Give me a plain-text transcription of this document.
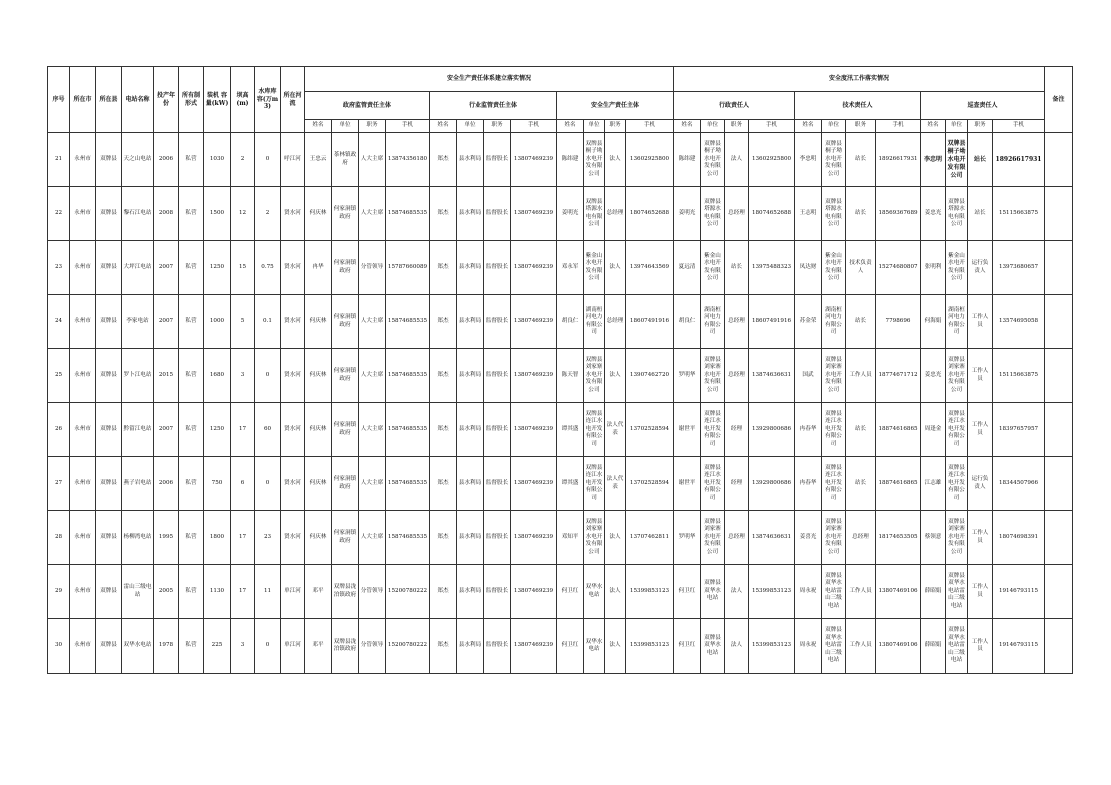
序号	所在市	所在县	电站名称	投产年份	所有制形式	装机 容量(kW)	坝高(m)	水库库容(万m3)	所在河流	安全生产责任体系建立落实情况												安全度汛工作落实情况												备注
										政府监管责任主体				行业监管责任主体				安全生产责任主体				行政责任人				技术责任人				巡查责任人				
										姓名	单位	职务	手机	姓名	单位	职务	手机	姓名	单位	职务	手机	姓名	单位	职务	手机	姓名	单位	职务	手机	姓名	单位	职务	手机	
21	永州市	双牌县	天之山电站	2006	私营	1030	2	0	呼江河	王忠云	茶林镇政府	人大主席	13874356180	郑杰	县水利局	监督股长	13807469239	陈纬建	双牌县桐子坳水电开发有限公司	法人	13602925800	陈纬建	双牌县桐子坳水电开发有限公司	法人	13602925800	李忠明	双牌县桐子坳水电开发有限公司	站长	18926617931	李忠明	双牌县桐子坳水电开发有限公司	站长	18926617931	
22	永州市	双牌县	黎石江电站	2008	私营	1500	12	2	贤水河	何庆林	何家洞镇政府	人大主席	15874685535	郑杰	县水利局	监督股长	13807469239	姜明光	双牌县塔源水电有限公司	总经理	18074652688	姜明光	双牌县塔源水电有限公司	总经理	18074652688	王志明	双牌县塔源水电有限公司	站长	18569367689	姜忠光	双牌县塔源水电有限公司	站长	15115663875	
23	永州市	双牌县	大坪江电站	2007	私营	1250	15	0.75	贤水河	冉华	何家洞镇政府	分管领导	15787660089	郑杰	县水利局	监督股长	13807469239	邓永军	紫金山水电开发有限公司	法人	13974643569	夏远清	紫金山水电开发有限公司	站长	13975488323	凤达财	紫金山水电开发有限公司	技术负责人	15274680807	张明利	紫金山水电开发有限公司	运行负责人	13973680657	
24	永州市	双牌县	李家电站	2007	私营	1000	5	0.1	贤水河	何庆林	何家洞镇政府	人大主席	15874685535	郑杰	县水利局	监督股长	13807469239	胡良仁	湖南桓河电力有限公司	总经理	18607491916	胡良仁	湖南桓河电力有限公司	总经理	18607491916	苏金荣	湖南桓河电力有限公司	站长	7798696	何海娟	湖南桓河电力有限公司	工作人员	13574695058	
25	永州市	双牌县	罗卜江电站	2015	私营	1680	3	0	贤水河	何庆林	何家洞镇政府	人大主席	15874685535	郑杰	县水利局	监督股长	13807469239	陈天智	双牌县刘家寨水电开发有限公司	法人	13907462720	罗明华	双牌县刘家寨水电开发有限公司	总经理	13874636631	国武	双牌县刘家寨水电开发有限公司	工作人员	18774671712	姜忠光	双牌县刘家寨水电开发有限公司	工作人员	15115663875	
26	永州市	双牌县	黔留江电站	2007	私营	1250	17	60	贤水河	何庆林	何家洞镇政府	人大主席	15874685535	郑杰	县水利局	监督股长	13807469239	谭其盛	双牌县连江水电开发有限公司	法人代表	13702528594	谢世平	双牌县连江水电开发有限公司	经理	13929800686	冉春华	双牌县连江水电开发有限公司	站长	18874616865	周逢金	双牌县连江水电开发有限公司	工作人员	18397657957	
27	永州市	双牌县	燕子岩电站	2006	私营	750	6	0	贤水河	何庆林	何家洞镇政府	人大主席	15874685535	郑杰	县水利局	监督股长	13807469239	谭其盛	双牌县连江水电开发有限公司	法人代表	13702528594	谢世平	双牌县连江水电开发有限公司	经理	13929800686	冉春华	双牌县连江水电开发有限公司	站长	18874616865	江志雄	双牌县连江水电开发有限公司	运行负责人	18344507966	
28	永州市	双牌县	杨柳湾电站	1995	私营	1800	17	23	贤水河	何庆林	何家洞镇政府	人大主席	15874685535	郑杰	县水利局	监督股长	13807469239	邓知平	双牌县刘家寨水电开发有限公司	法人	13707462811	罗明华	双牌县刘家寨水电开发有限公司	总经理	13874636631	姜喜光	双牌县刘家寨水电开发有限公司	总经理	18174653505	蔡领意	双牌县刘家寨水电开发有限公司	工作人员	18074698391	
29	永州市	双牌县	雷山三级电站	2005	私营	1130	17	11	单江河	邓平	双牌县泷泊镇政府	分管领导	15200780222	郑杰	县水利局	监督股长	13807469239	何卫红	双华水电站	法人	15399853123	何卫红	双牌县双华水电站	法人	15399853123	周永祝	双牌县双华水电站雷山三级电站	工作人员	13807469106	薛昭娟	双牌县双华水电站雷山三级电站	工作人员	19146793115	
30	永州市	双牌县	双华水电站	1978	私营	225	3	0	单江河	邓平	双牌县泷泊镇政府	分管领导	15200780222	郑杰	县水利局	监督股长	13807469239	何卫红	双华水电站	法人	15399853123	何卫红	双牌县双华水电站	法人	15399853123	周永祝	双牌县双华水电站雷山三级电站	工作人员	13807469106	薛昭娟	双牌县双华水电站雷山三级电站	工作人员	19146793115	
